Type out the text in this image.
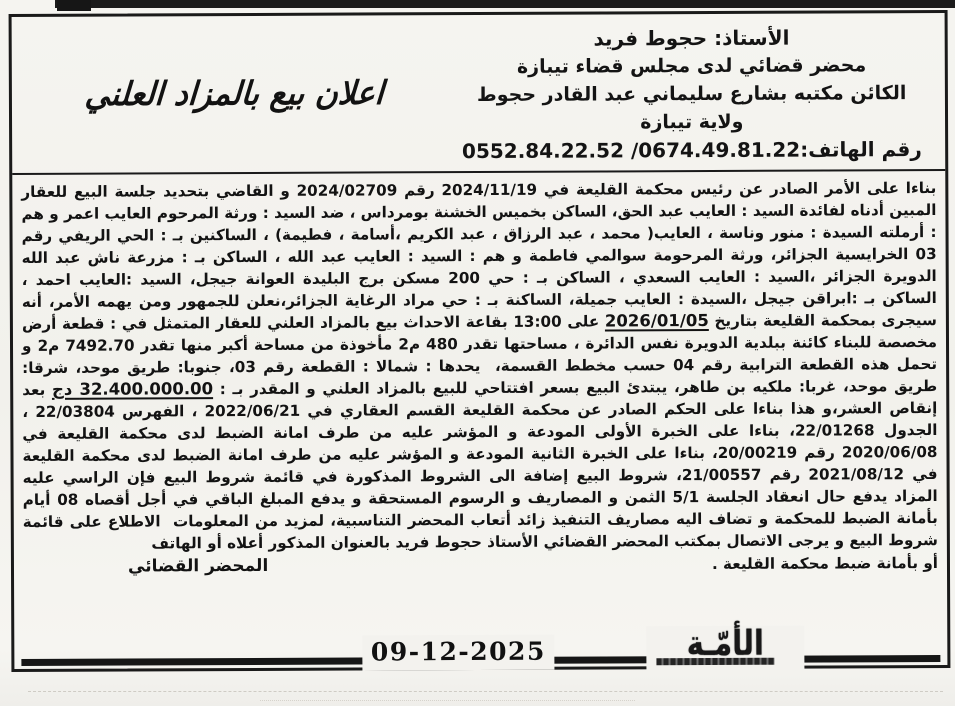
الأستاذ: حجوط فريد
محضر قضائي لدى مجلس قضاء تيبازة
الكائن مكتبه بشارع سليماني عبد القادر حجوط
ولاية تيبازة
رقم الهاتف:0674.49.81.22/ 0552.84.22.52
اعلان بيع بالمزاد العلني
بناءا على الأمر الصادر عن رئيس محكمة القليعة في 2024/11/19 رقم 2024/02709 و القاضي بتحديد جلسة البيع للعقار المبين أدناه لفائدة السيد : العايب عبد الحق، الساكن بخميس الخشنة بومرداس ، ضد السيد : ورثة المرحوم العايب اعمر و هم : أرملته السيدة : منور وناسة ، العايب( محمد ، عبد الرزاق ، عبد الكريم ،أسامة ، فطيمة) ، الساكنين بـ : الحي الريفي رقم 03 الخرايسية الجزائر، ورثة المرحومة سوالمي فاطمة و هم : السيد : العايب عبد الله ، الساكن بـ : مزرعة ناش عبد الله الدويرة الجزائر ،السيد : العايب السعدي ، الساكن بـ : حي 200 مسكن برج البليدة العوانة جيجل، السيد :العايب احمد ، الساكن بـ :ابراقن جيجل ،السيدة : العايب جميلة، الساكنة بـ : حي مراد الرغاية الجزائر،نعلن للجمهور ومن يهمه الأمر، أنه سيجرى بمحكمة القليعة بتاريخ 2026/01/05 على 13:00 بقاعة الاحداث بيع بالمزاد العلني للعقار المتمثل في : قطعة أرض مخصصة للبناء كائنة ببلدية الدويرة نفس الدائرة ، مساحتها تقدر 480 م2 مأخوذة من مساحة أكبر منها تقدر 7492.70 م2 و تحمل هذه القطعة الترابية رقم 04 حسب مخطط القسمة،  يحدها : شمالا : القطعة رقم 03، جنوبا: طريق موحد، شرقا: طريق موحد، غربا: ملكيه بن طاهر، يبتدئ البيع بسعر افتتاحي للبيع بالمزاد العلني و المقدر بـ : 32.400.000.00 دج بعد إنقاص العشر،و هذا بناءا على الحكم الصادر عن محكمة القليعة القسم العقاري في 2022/06/21 ، الفهرس 22/03804 ، الجدول 22/01268، بناءا على الخبرة الأولى المودعة و المؤشر عليه من طرف امانة الضبط لدى محكمة القليعة في 2020/06/08 رقم 20/00219، بناءا على الخبرة الثانية المودعة و المؤشر عليه من طرف امانة الضبط لدى محكمة القليعة في 2021/08/12 رقم 21/00557، شروط البيع إضافة الى الشروط المذكورة في قائمة شروط البيع فإن الراسي عليه المزاد يدفع حال انعقاد الجلسة 5/1 الثمن و المصاريف و الرسوم المستحقة و يدفع المبلغ الباقي في أجل أقصاه 08 أيام بأمانة الضبط للمحكمة و تضاف اليه مصاريف التنفيذ زائد أتعاب المحضر التناسبية، لمزيد من المعلومات  الاطلاع على قائمة شروط البيع و يرجى الاتصال بمكتب المحضر القضائي الأستاذ حجوط فريد بالعنوان المذكور أعلاه أو الهاتف
أو بأمانة ضبط محكمة القليعة .
المحضر القضائي
09-12-2025	الأمّـة
